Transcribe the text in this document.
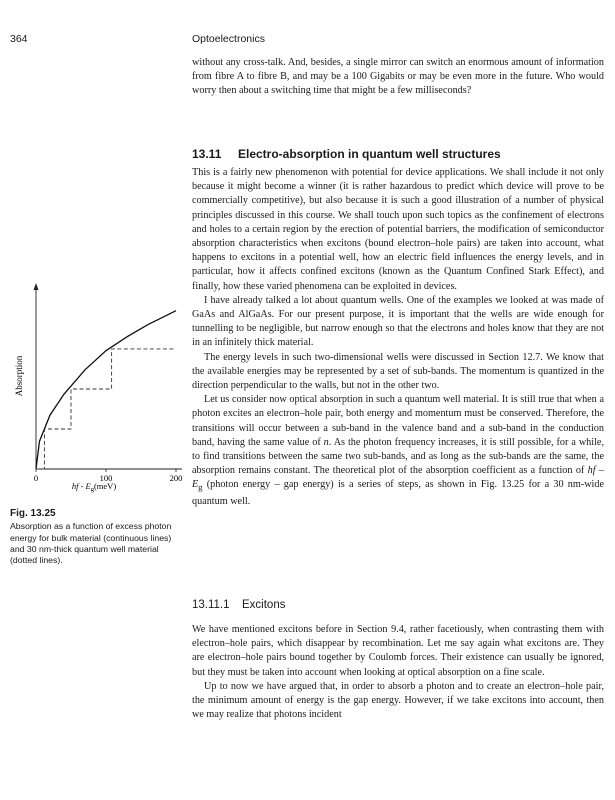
364	Optoelectronics
without any cross-talk. And, besides, a single mirror can switch an enormous amount of information from fibre A to fibre B, and may be a 100 Gigabits or may be even more in the future. Who would worry then about a switching time that might be a few milliseconds?
13.11 Electro-absorption in quantum well structures

This is a fairly new phenomenon with potential for device applications. We shall include it not only because it might become a winner (it is rather hazardous to predict which device will prove to be commercially competitive), but also because it is such a good illustration of a number of physical principles discussed in this course. We shall touch upon such topics as the confinement of electrons and holes to a certain region by the erection of potential barriers, the modification of semiconductor absorption characteristics when excitons (bound electron–hole pairs) are taken into account, what happens to excitons in a potential well, how an electric field influences the energy levels, and in particular, how it affects confined excitons (known as the Quantum Confined Stark Effect), and finally, how these varied phenomena can be exploited in devices.

I have already talked a lot about quantum wells. One of the examples we looked at was made of GaAs and AlGaAs. For our present purpose, it is important that the wells are wide enough for tunnelling to be negligible, but narrow enough so that the electrons and holes know that they are not in an infinitely thick material.

The energy levels in such two-dimensional wells were discussed in Section 12.7. We know that the available energies may be represented by a set of sub-bands. The momentum is quantized in the direction perpendicular to the walls, but not in the other two.

Let us consider now optical absorption in such a quantum well material. It is still true that when a photon excites an electron–hole pair, both energy and momentum must be conserved. Therefore, the transitions will occur between a sub-band in the valence band and a sub-band in the conduction band, having the same value of n. As the photon frequency increases, it is still possible, for a while, to find transitions between the same two sub-bands, and as long as the sub-bands are the same, the absorption remains constant. The theoretical plot of the absorption coefficient as a function of hf – $E_g$ (photon energy – gap energy) is a series of steps, as shown in Fig. 13.25 for a 30 nm-wide quantum well.

13.11.1 Excitons

We have mentioned excitons before in Section 9.4, rather facetiously, when contrasting them with electron–hole pairs, which disappear by recombination. Let me say again what excitons are. They are electron–hole pairs bound together by Coulomb forces. Their existence can usually be ignored, but they must be taken into account when looking at optical absorption on a fine scale.

Up to now we have argued that, in order to absorb a photon and to create an electron–hole pair, the minimum amount of energy is the gap energy. However, if we take excitons into account, then we may realize that photons incident

Absorption
0	100	200
hf - $E_g(meV)$
Fig. 13.25
Absorption as a function of excess photon energy for bulk material (continuous lines) and 30 nm-thick quantum well material (dotted lines).
